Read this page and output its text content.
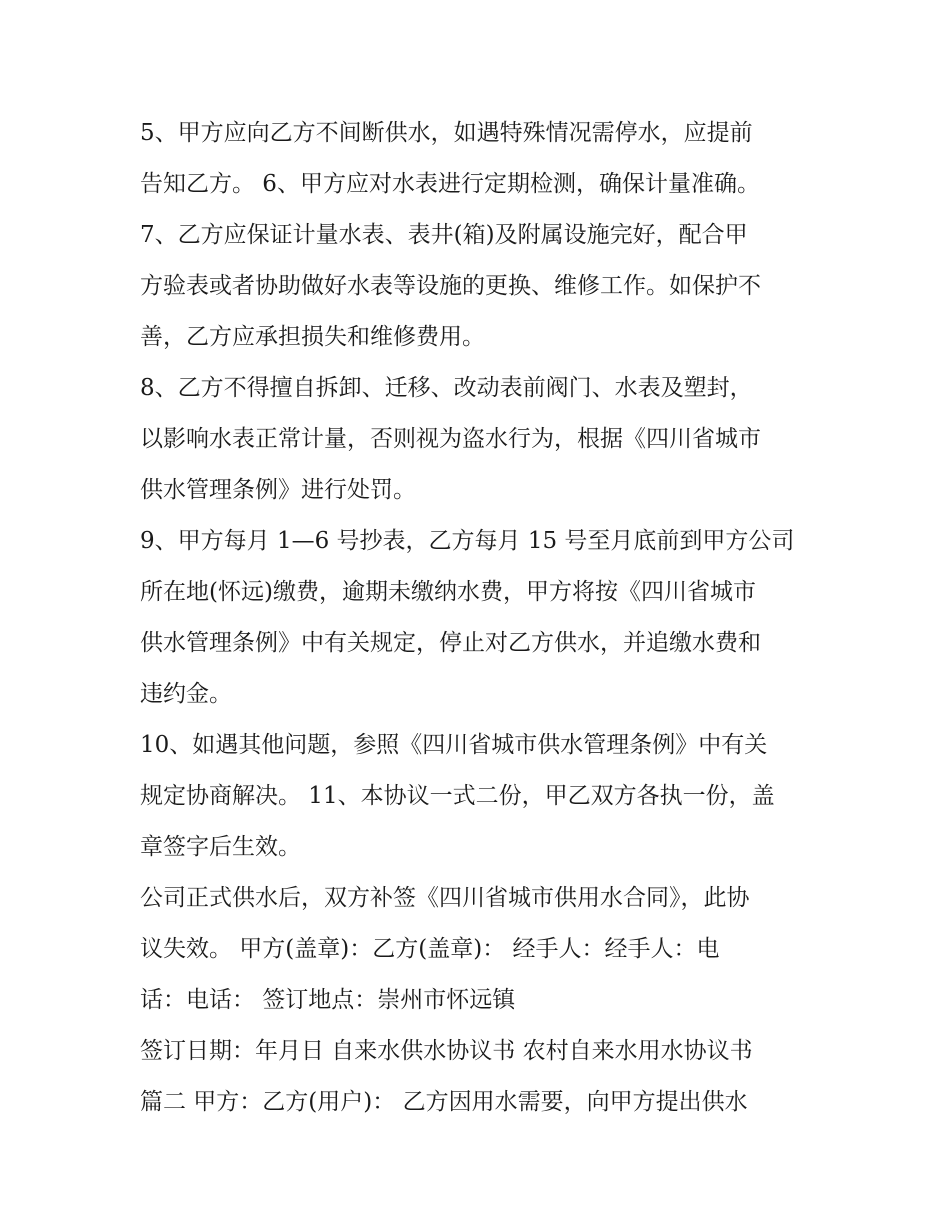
5、甲方应向乙方不间断供水，如遇特殊情况需停水，应提前
告知乙方。 6、甲方应对水表进行定期检测，确保计量准确。
7、乙方应保证计量水表、表井(箱)及附属设施完好，配合甲
方验表或者协助做好水表等设施的更换、维修工作。如保护不
善，乙方应承担损失和维修费用。
8、乙方不得擅自拆卸、迁移、改动表前阀门、水表及塑封，
以影响水表正常计量，否则视为盗水行为，根据《四川省城市
供水管理条例》进行处罚。
9、甲方每月 1—6 号抄表，乙方每月 15 号至月底前到甲方公司
所在地(怀远)缴费，逾期未缴纳水费，甲方将按《四川省城市
供水管理条例》中有关规定，停止对乙方供水，并追缴水费和
违约金。
10、如遇其他问题，参照《四川省城市供水管理条例》中有关
规定协商解决。 11、本协议一式二份，甲乙双方各执一份，盖
章签字后生效。
公司正式供水后，双方补签《四川省城市供用水合同》，此协
议失效。 甲方(盖章)：乙方(盖章)： 经手人：经手人：电
话：电话： 签订地点：崇州市怀远镇
签订日期：年月日 自来水供水协议书 农村自来水用水协议书
篇二 甲方：乙方(用户)： 乙方因用水需要，向甲方提出供水
